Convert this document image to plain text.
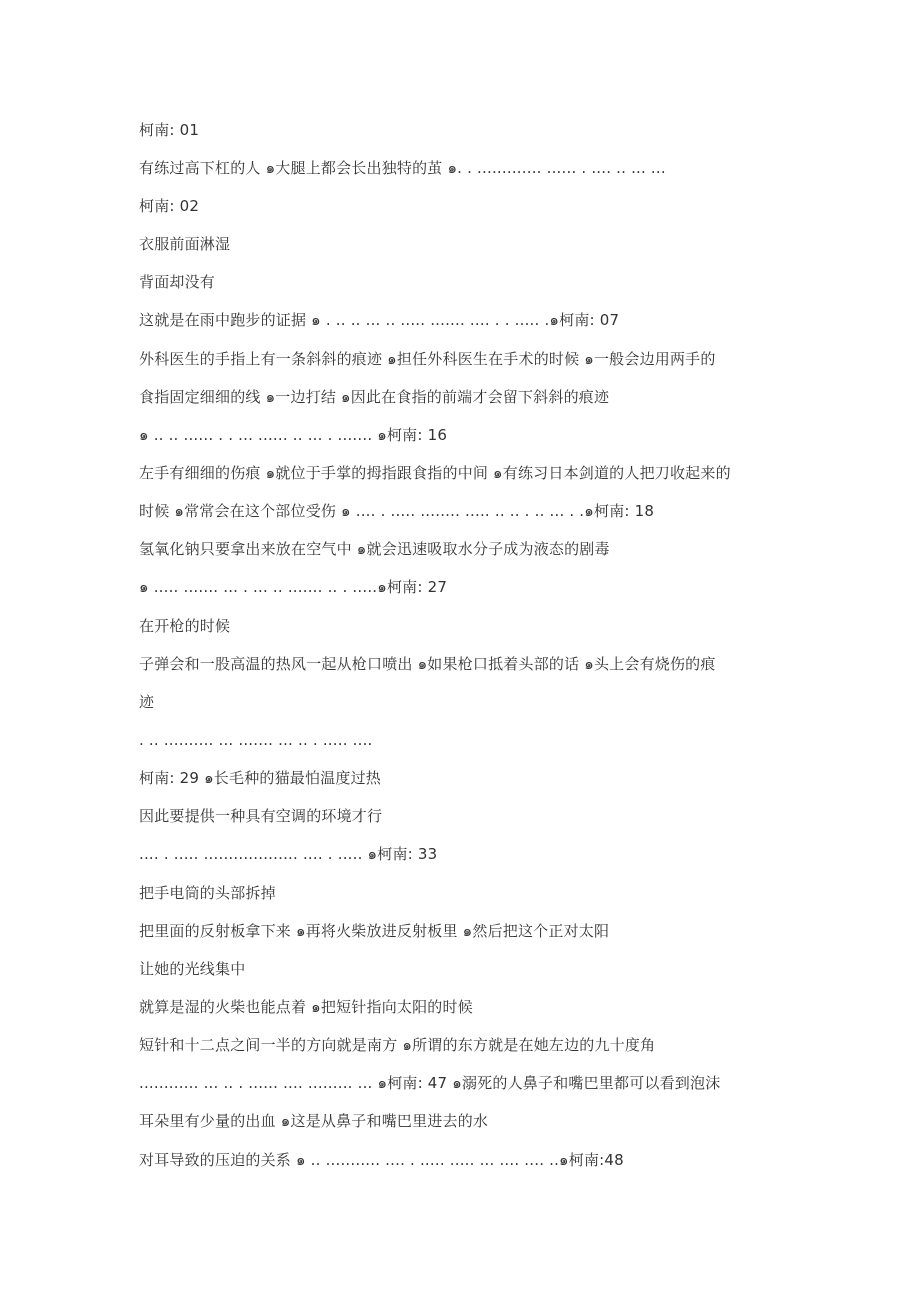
柯南: 01
有练过高下杠的人 ๑大腿上都会长出独特的茧 ๑. . ............. ...... . .... .. ... ...
柯南: 02
衣服前面淋湿
背面却没有
这就是在雨中跑步的证据 ๑ . .. .. ... .. ..... ....... .... . . ..... .๑柯南: 07
外科医生的手指上有一条斜斜的痕迹 ๑担任外科医生在手术的时候 ๑一般会边用两手的
食指固定细细的线 ๑一边打结 ๑因此在食指的前端才会留下斜斜的痕迹
๑ .. .. ...... . . ... ...... .. ... . ....... ๑柯南: 16
左手有细细的伤痕 ๑就位于手掌的拇指跟食指的中间 ๑有练习日本剑道的人把刀收起来的
时候 ๑常常会在这个部位受伤 ๑ .... . ..... ........ ..... .. .. . .. ... . .๑柯南: 18
氢氧化钠只要拿出来放在空气中 ๑就会迅速吸取水分子成为液态的剧毒
๑ ..... ....... ... . ... .. ....... .. . .....๑柯南: 27
在开枪的时候
子弹会和一股高温的热风一起从枪口喷出 ๑如果枪口抵着头部的话 ๑头上会有烧伤的痕
迹
. .. .......... ... ....... ... .. . ..... ....
柯南: 29 ๑长毛种的猫最怕温度过热
因此要提供一种具有空调的环境才行
.... . ..... ................... .... . ..... ๑柯南: 33
把手电筒的头部拆掉
把里面的反射板拿下来 ๑再将火柴放进反射板里 ๑然后把这个正对太阳
让她的光线集中
就算是湿的火柴也能点着 ๑把短针指向太阳的时候
短针和十二点之间一半的方向就是南方 ๑所谓的东方就是在她左边的九十度角
............ ... .. . ...... .... ......... ... ๑柯南: 47 ๑溺死的人鼻子和嘴巴里都可以看到泡沫
耳朵里有少量的出血 ๑这是从鼻子和嘴巴里进去的水
对耳导致的压迫的关系 ๑ .. ........... .... . ..... ..... ... .... .... ..๑柯南:48
